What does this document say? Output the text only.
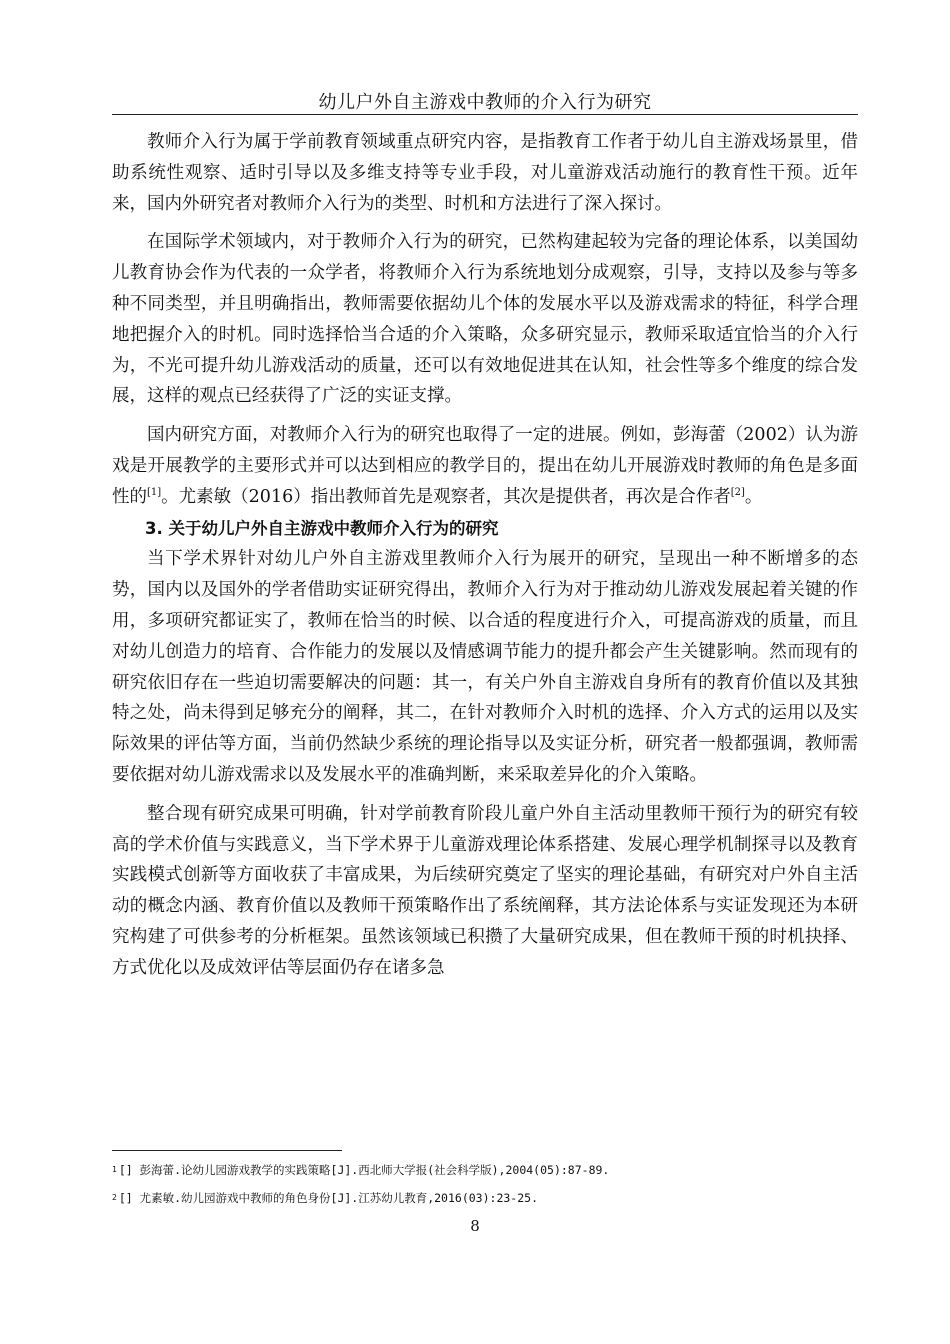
幼儿户外自主游戏中教师的介入行为研究

教师介入行为属于学前教育领域重点研究内容，是指教育工作者于幼儿自主游戏场景里，借助系统性观察、适时引导以及多维支持等专业手段，对儿童游戏活动施行的教育性干预。近年来，国内外研究者对教师介入行为的类型、时机和方法进行了深入探讨。

在国际学术领域内，对于教师介入行为的研究，已然构建起较为完备的理论体系，以美国幼儿教育协会作为代表的一众学者，将教师介入行为系统地划分成观察，引导，支持以及参与等多种不同类型，并且明确指出，教师需要依据幼儿个体的发展水平以及游戏需求的特征，科学合理地把握介入的时机。同时选择恰当合适的介入策略，众多研究显示，教师采取适宜恰当的介入行为，不光可提升幼儿游戏活动的质量，还可以有效地促进其在认知，社会性等多个维度的综合发展，这样的观点已经获得了广泛的实证支撑。

国内研究方面，对教师介入行为的研究也取得了一定的进展。例如，彭海蕾（2002）认为游戏是开展教学的主要形式并可以达到相应的教学目的，提出在幼儿开展游戏时教师的角色是多面性的[1]。尤素敏（2016）指出教师首先是观察者，其次是提供者，再次是合作者[2]。

3. 关于幼儿户外自主游戏中教师介入行为的研究

当下学术界针对幼儿户外自主游戏里教师介入行为展开的研究，呈现出一种不断增多的态势，国内以及国外的学者借助实证研究得出，教师介入行为对于推动幼儿游戏发展起着关键的作用，多项研究都证实了，教师在恰当的时候、以合适的程度进行介入，可提高游戏的质量，而且对幼儿创造力的培育、合作能力的发展以及情感调节能力的提升都会产生关键影响。然而现有的研究依旧存在一些迫切需要解决的问题：其一，有关户外自主游戏自身所有的教育价值以及其独特之处，尚未得到足够充分的阐释，其二，在针对教师介入时机的选择、介入方式的运用以及实际效果的评估等方面，当前仍然缺少系统的理论指导以及实证分析，研究者一般都强调，教师需要依据对幼儿游戏需求以及发展水平的准确判断，来采取差异化的介入策略。

整合现有研究成果可明确，针对学前教育阶段儿童户外自主活动里教师干预行为的研究有较高的学术价值与实践意义，当下学术界于儿童游戏理论体系搭建、发展心理学机制探寻以及教育实践模式创新等方面收获了丰富成果，为后续研究奠定了坚实的理论基础，有研究对户外自主活动的概念内涵、教育价值以及教师干预策略作出了系统阐释，其方法论体系与实证发现还为本研究构建了可供参考的分析框架。虽然该领域已积攒了大量研究成果，但在教师干预的时机抉择、方式优化以及成效评估等层面仍存在诸多急

1 [] 彭海蕾.论幼儿园游戏教学的实践策略[J].西北师大学报(社会科学版),2004(05):87-89.
2 [] 尤素敏.幼儿园游戏中教师的角色身份[J].江苏幼儿教育,2016(03):23-25.
8
